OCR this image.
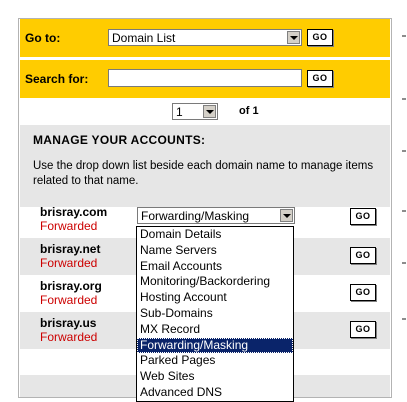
Go to:	Domain List	GO
Search for:	GO
1	of 1
MANAGE YOUR ACCOUNTS:

Use the drop down list beside each domain name to manage items related to that name.

brisray.com
Forwarded
Forwarding/Masking	GO
brisray.net
Forwarded
GO
brisray.org
Forwarded
GO
brisray.us
Forwarded
GO
Domain Details
Name Servers
Email Accounts
Monitoring/Backordering
Hosting Account
Sub-Domains
MX Record
Forwarding/Masking
Parked Pages
Web Sites
Advanced DNS
